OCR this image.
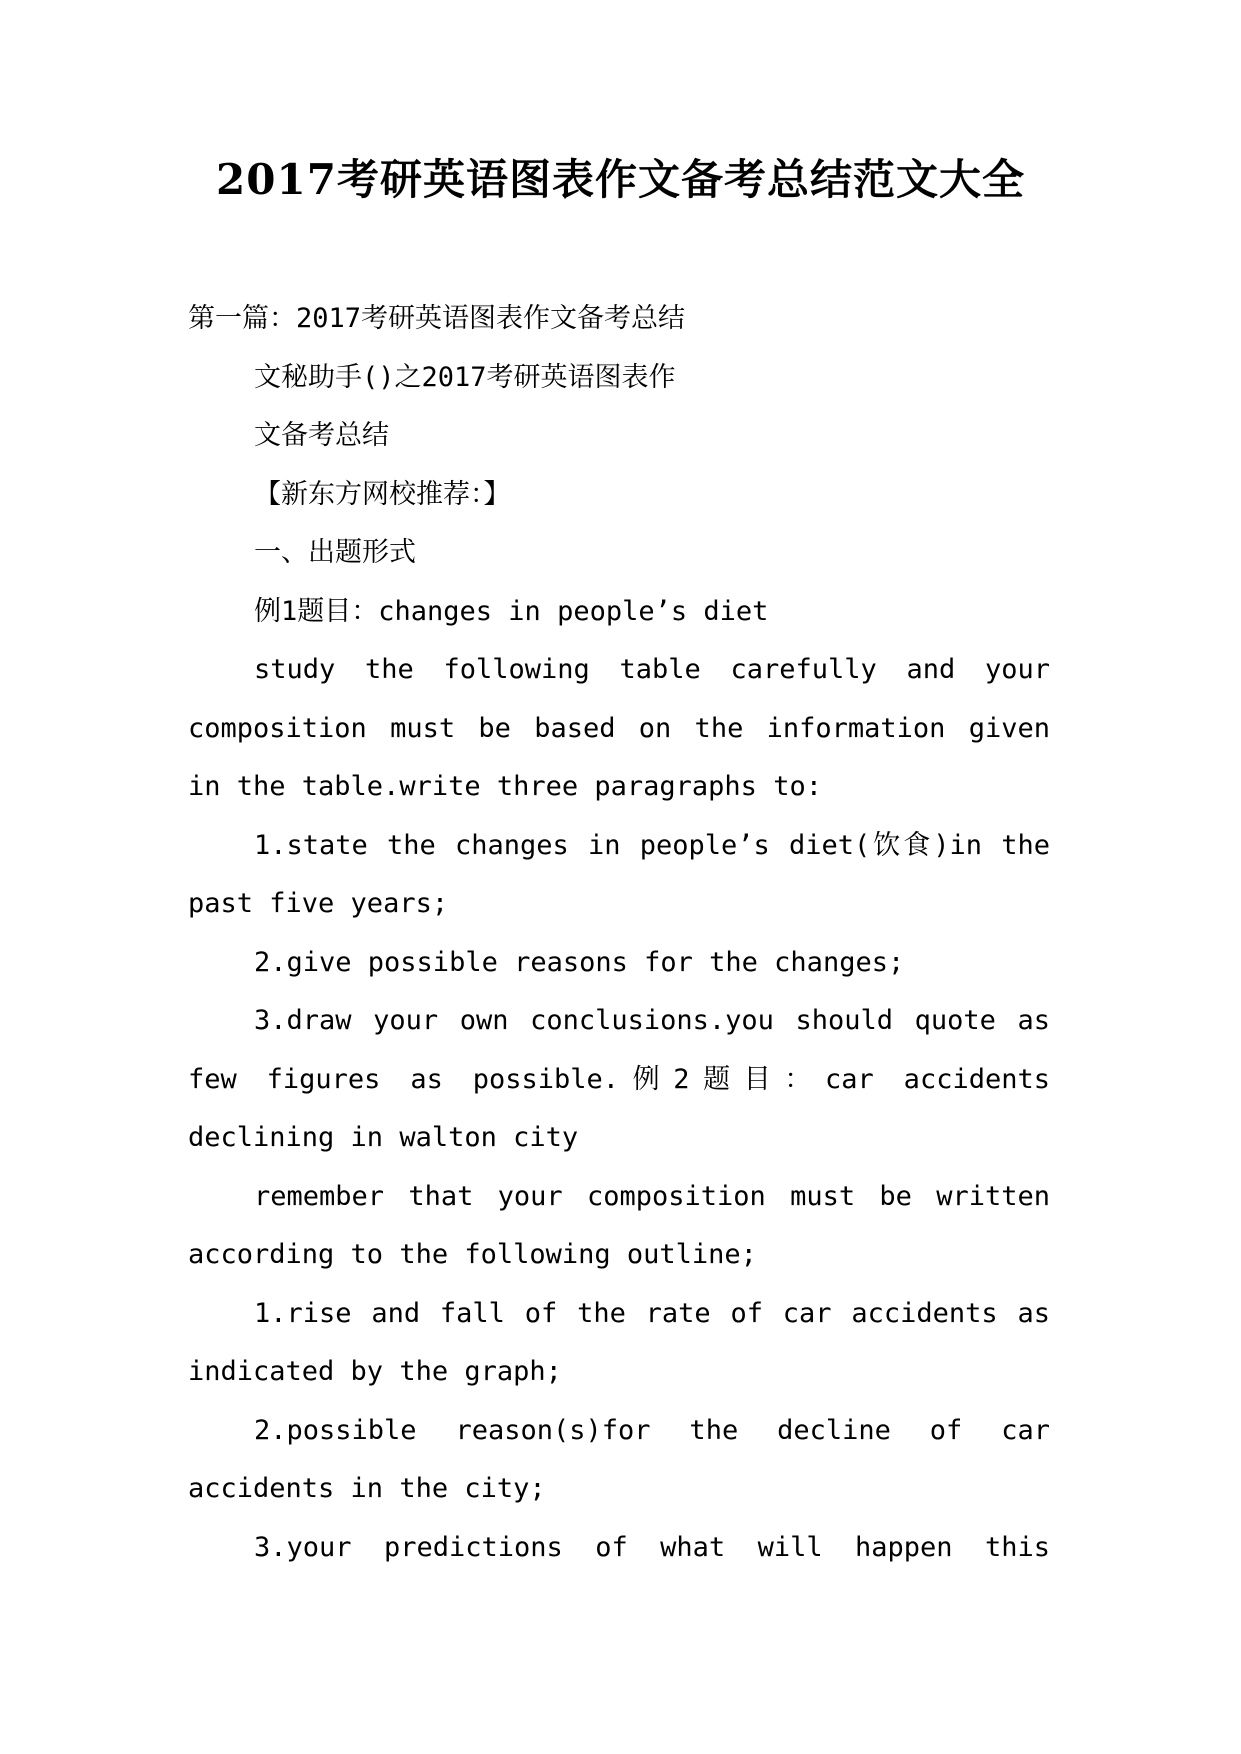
2017考研英语图表作文备考总结范文大全
第一篇：2017考研英语图表作文备考总结
文秘助手()之2017考研英语图表作
文备考总结
【新东方网校推荐：】
一、出题形式
例1题目：changes in people’s diet
study the following table carefully and your
composition must be based on the information given
in the table.write three paragraphs to:
1.state the changes in people’s diet(饮食)in the
past five years;
2.give possible reasons for the changes;
3.draw your own conclusions.you should quote as
few figures as possible.例2题目：car accidents
declining in walton city
remember that your composition must be written
according to the following outline;
1.rise and fall of the rate of car accidents as
indicated by the graph;
2.possible reason(s)for the decline of car
accidents in the city;
3.your predictions of what will happen this
